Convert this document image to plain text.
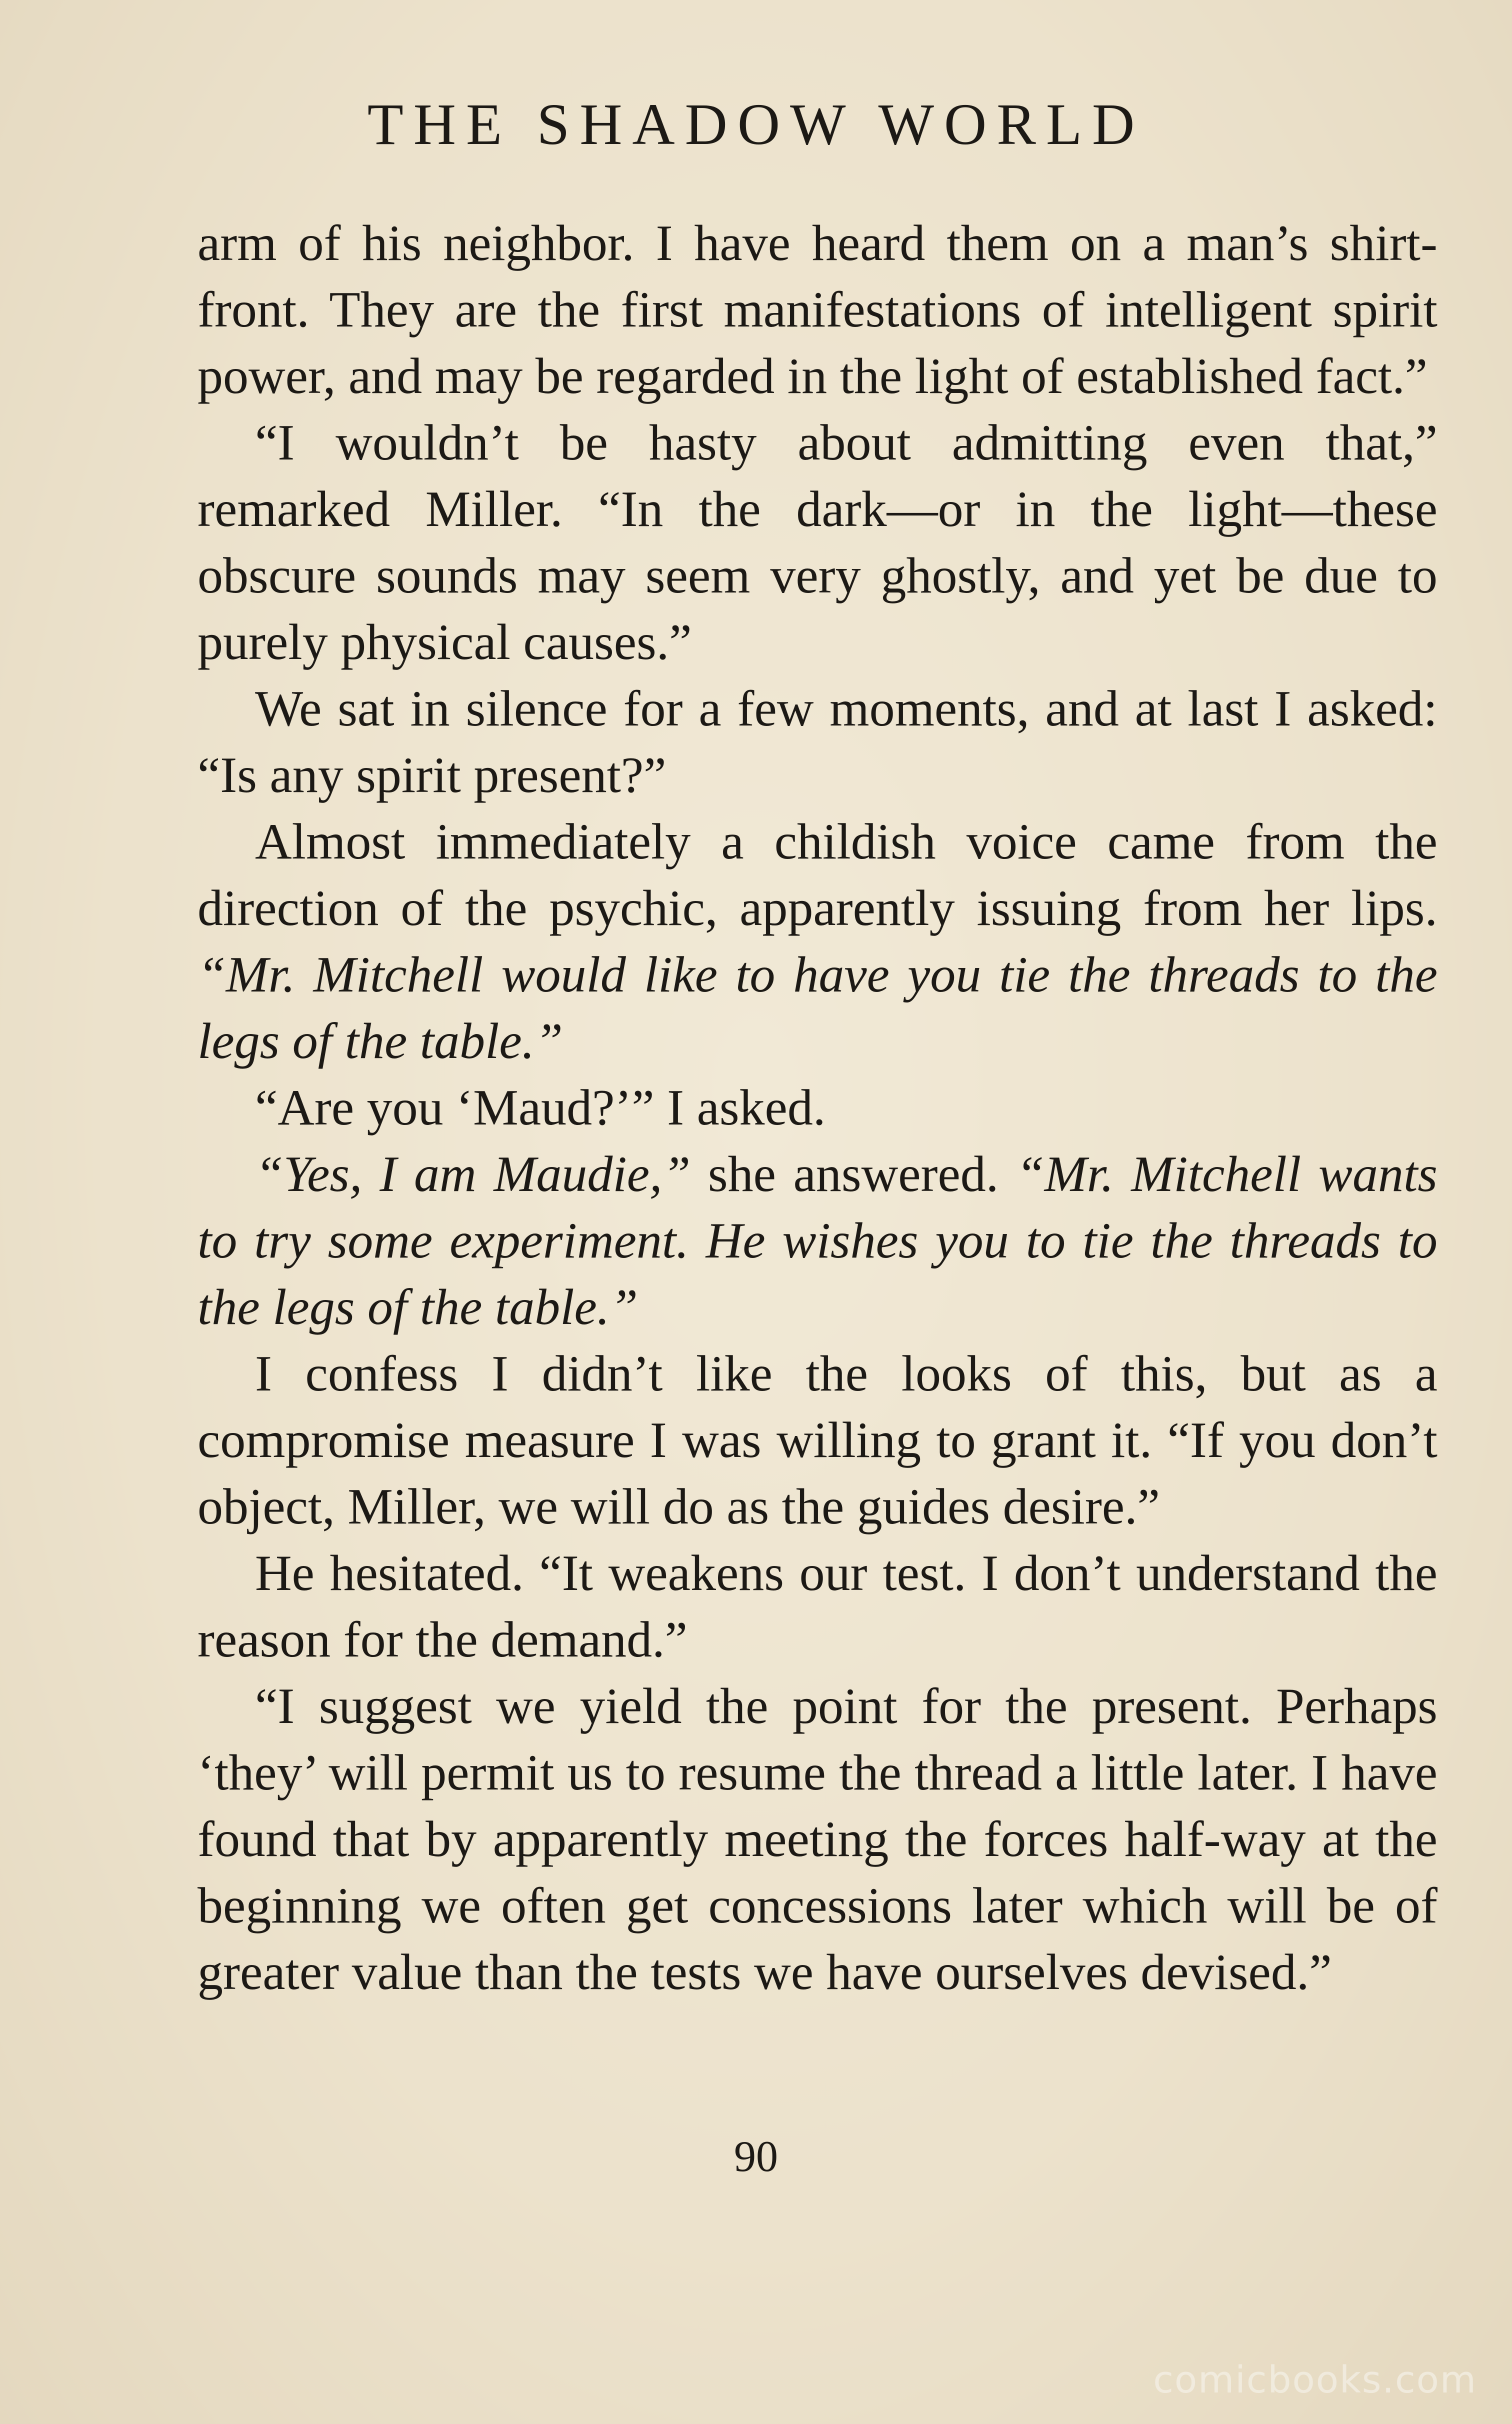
THE SHADOW WORLD

arm of his neighbor. I have heard them on a man’s shirt-front. They are the first manifestations of intelligent spirit power, and may be regarded in the light of established fact.”

“I wouldn’t be hasty about admitting even that,” remarked Miller. “In the dark—or in the light—these obscure sounds may seem very ghostly, and yet be due to purely physical causes.”

We sat in silence for a few moments, and at last I asked: “Is any spirit present?”

Almost immediately a childish voice came from the direction of the psychic, apparently issuing from her lips. “Mr. Mitchell would like to have you tie the threads to the legs of the table.”

“Are you ‘Maud?’” I asked.

“Yes, I am Maudie,” she answered. “Mr. Mitchell wants to try some experiment. He wishes you to tie the threads to the legs of the table.”

I confess I didn’t like the looks of this, but as a compromise measure I was willing to grant it. “If you don’t object, Miller, we will do as the guides desire.”

He hesitated. “It weakens our test. I don’t understand the reason for the demand.”

“I suggest we yield the point for the present. Perhaps ‘they’ will permit us to resume the thread a little later. I have found that by apparently meeting the forces half-way at the beginning we often get concessions later which will be of greater value than the tests we have ourselves devised.”

90
comicbooks.com
